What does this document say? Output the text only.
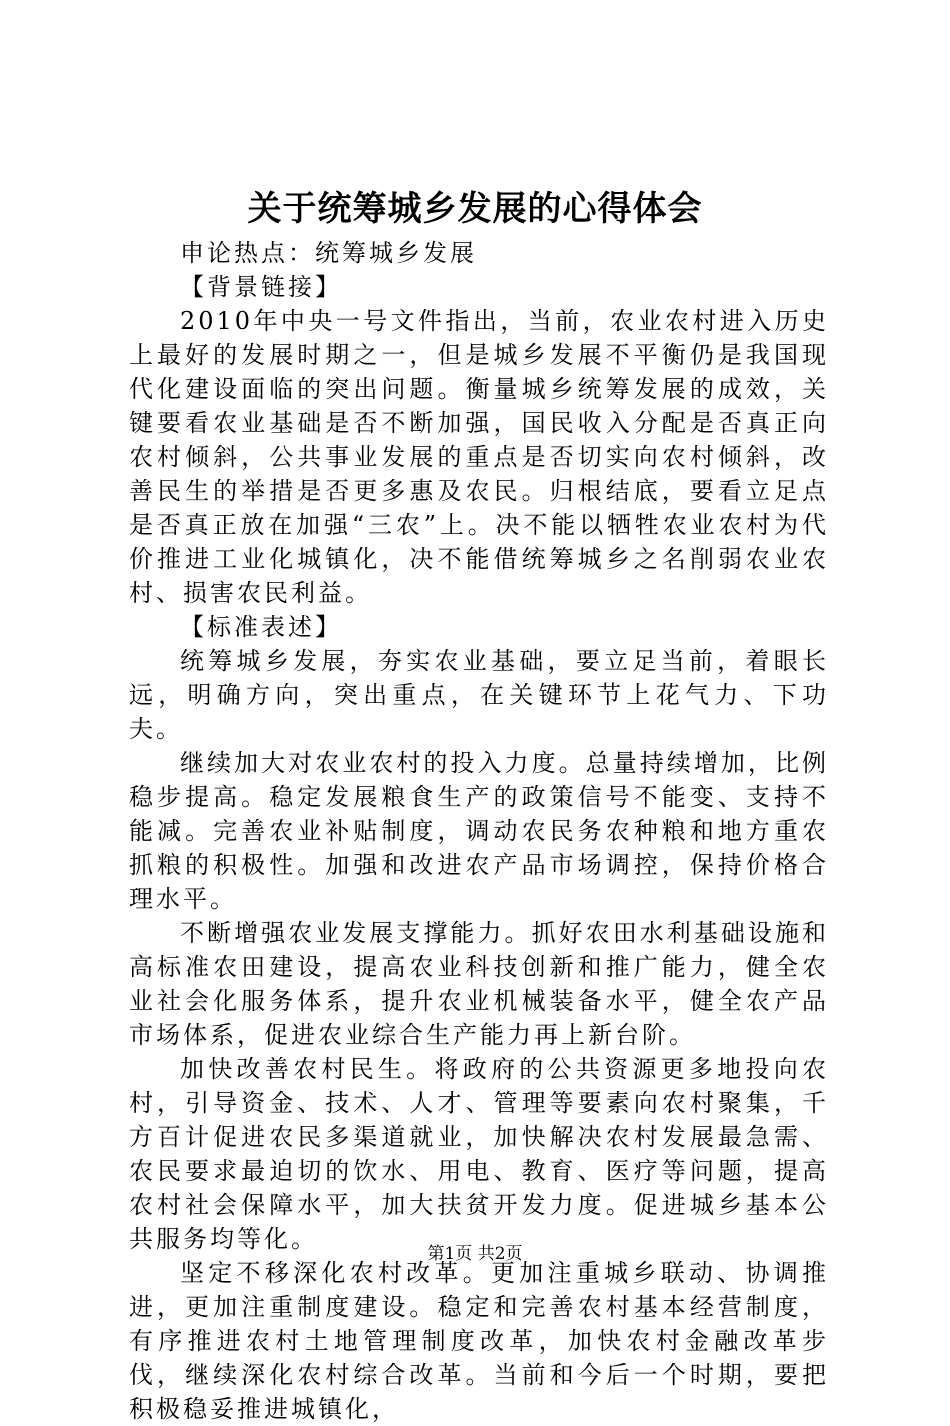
关于统筹城乡发展的心得体会

申论热点：统筹城乡发展

【背景链接】

2010年中央一号文件指出，当前，农业农村进入历史上最好的发展时期之一，但是城乡发展不平衡仍是我国现代化建设面临的突出问题。衡量城乡统筹发展的成效，关键要看农业基础是否不断加强，国民收入分配是否真正向农村倾斜，公共事业发展的重点是否切实向农村倾斜，改善民生的举措是否更多惠及农民。归根结底，要看立足点是否真正放在加强“三农”上。决不能以牺牲农业农村为代价推进工业化城镇化，决不能借统筹城乡之名削弱农业农村、损害农民利益。

【标准表述】

统筹城乡发展，夯实农业基础，要立足当前，着眼长远，明确方向，突出重点，在关键环节上花气力、下功夫。

继续加大对农业农村的投入力度。总量持续增加，比例稳步提高。稳定发展粮食生产的政策信号不能变、支持不能减。完善农业补贴制度，调动农民务农种粮和地方重农抓粮的积极性。加强和改进农产品市场调控，保持价格合理水平。

不断增强农业发展支撑能力。抓好农田水利基础设施和高标准农田建设，提高农业科技创新和推广能力，健全农业社会化服务体系，提升农业机械装备水平，健全农产品市场体系，促进农业综合生产能力再上新台阶。

加快改善农村民生。将政府的公共资源更多地投向农村，引导资金、技术、人才、管理等要素向农村聚集，千方百计促进农民多渠道就业，加快解决农村发展最急需、农民要求最迫切的饮水、用电、教育、医疗等问题，提高农村社会保障水平，加大扶贫开发力度。促进城乡基本公共服务均等化。

坚定不移深化农村改革。更加注重城乡联动、协调推进，更加注重制度建设。稳定和完善农村基本经营制度，有序推进农村土地管理制度改革，加快农村金融改革步伐，继续深化农村综合改革。当前和今后一个时期，要把积极稳妥推进城镇化，

第1页 共2页
